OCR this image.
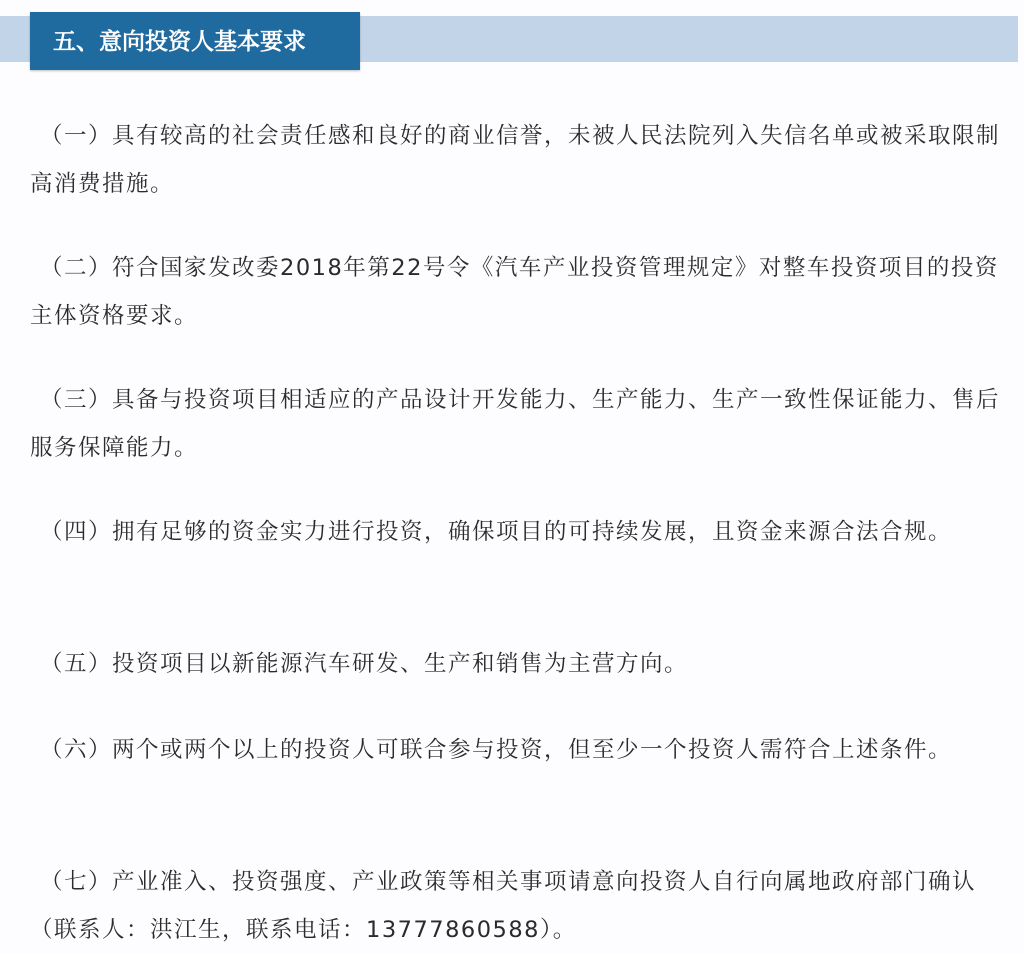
五、意向投资人基本要求
（一）具有较高的社会责任感和良好的商业信誉，未被人民法院列入失信名单或被采取限制高消费措施。
（二）符合国家发改委2018年第22号令《汽车产业投资管理规定》对整车投资项目的投资主体资格要求。
（三）具备与投资项目相适应的产品设计开发能力、生产能力、生产一致性保证能力、售后服务保障能力。
（四）拥有足够的资金实力进行投资，确保项目的可持续发展，且资金来源合法合规。
（五）投资项目以新能源汽车研发、生产和销售为主营方向。
（六）两个或两个以上的投资人可联合参与投资，但至少一个投资人需符合上述条件。
（七）产业准入、投资强度、产业政策等相关事项请意向投资人自行向属地政府部门确认（联系人：洪江生，联系电话：13777860588）。
